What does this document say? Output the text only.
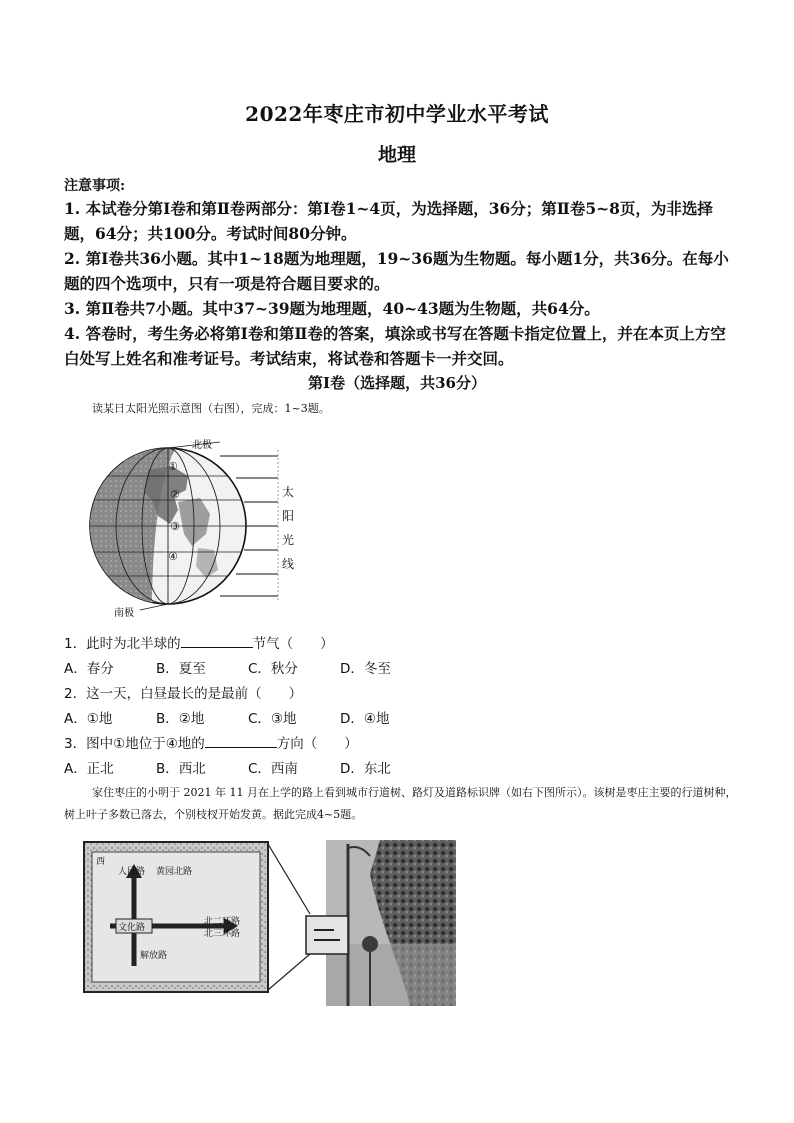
2022年枣庄市初中学业水平考试
地理
注意事项:

1. 本试卷分第Ⅰ卷和第Ⅱ卷两部分：第Ⅰ卷1~4页，为选择题，36分；第Ⅱ卷5~8页，为非选择题，64分；共100分。考试时间80分钟。

2. 第Ⅰ卷共36小题。其中1~18题为地理题，19~36题为生物题。每小题1分，共36分。在每小题的四个选项中，只有一项是符合题目要求的。

3. 第Ⅱ卷共7小题。其中37~39题为地理题，40~43题为生物题，共64分。

4. 答卷时，考生务必将第Ⅰ卷和第Ⅱ卷的答案，填涂或书写在答题卡指定位置上，并在本页上方空白处写上姓名和准考证号。考试结束，将试卷和答题卡一并交回。

第Ⅰ卷（选择题，共36分）
读某日太阳光照示意图（右图），完成：1~3题。
北极
南极
①
②
③
④
太
阳
光
线
1．此时为北半球的	节气（　　）
A．春分	B．夏至	C．秋分	D．冬至
2．这一天，白昼最长的是最前（　　）
A．①地	B．②地	C．③地	D．④地
3．图中①地位于④地的	方向（　　）
A．正北	B．西北	C．西南	D．东北
家住枣庄的小明于 2021 年 11 月在上学的路上看到城市行道树、路灯及道路标识牌（如右下图所示）。该树是枣庄主要的行道树种，树上叶子多数已落去，个别枝杈开始发黄。据此完成4~5题。
西
人民路 黄园北路
文化路
北二环路
北三环路
解放路
